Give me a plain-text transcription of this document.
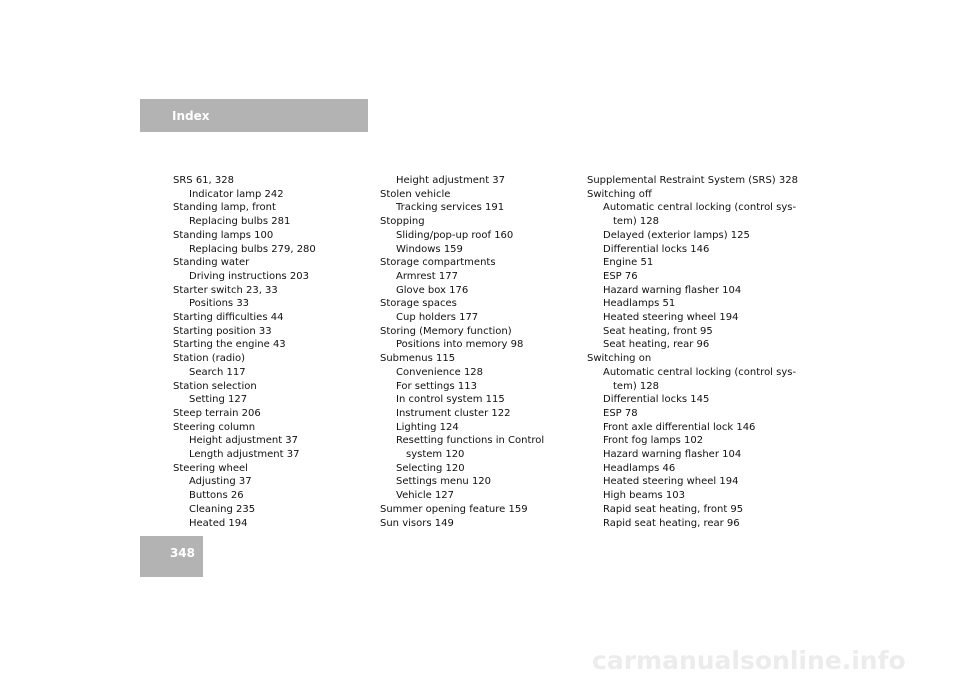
Index
SRS 61, 328
Indicator lamp 242
Standing lamp, front
Replacing bulbs 281
Standing lamps 100
Replacing bulbs 279, 280
Standing water
Driving instructions 203
Starter switch 23, 33
Positions 33
Starting difficulties 44
Starting position 33
Starting the engine 43
Station (radio)
Search 117
Station selection
Setting 127
Steep terrain 206
Steering column
Height adjustment 37
Length adjustment 37
Steering wheel
Adjusting 37
Buttons 26
Cleaning 235
Heated 194
Height adjustment 37
Stolen vehicle
Tracking services 191
Stopping
Sliding/pop-up roof 160
Windows 159
Storage compartments
Armrest 177
Glove box 176
Storage spaces
Cup holders 177
Storing (Memory function)
Positions into memory 98
Submenus 115
Convenience 128
For settings 113
In control system 115
Instrument cluster 122
Lighting 124
Resetting functions in Control
system 120
Selecting 120
Settings menu 120
Vehicle 127
Summer opening feature 159
Sun visors 149
Supplemental Restraint System (SRS) 328
Switching off
Automatic central locking (control sys-
tem) 128
Delayed (exterior lamps) 125
Differential locks 146
Engine 51
ESP 76
Hazard warning flasher 104
Headlamps 51
Heated steering wheel 194
Seat heating, front 95
Seat heating, rear 96
Switching on
Automatic central locking (control sys-
tem) 128
Differential locks 145
ESP 78
Front axle differential lock 146
Front fog lamps 102
Hazard warning flasher 104
Headlamps 46
Heated steering wheel 194
High beams 103
Rapid seat heating, front 95
Rapid seat heating, rear 96
348
carmanualsonline.info
